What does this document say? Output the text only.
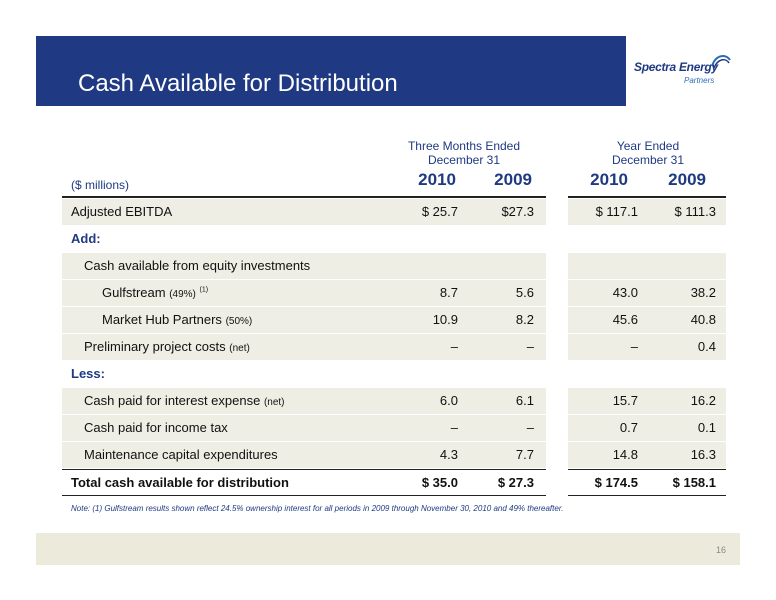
Cash Available for Distribution
Spectra Energy
Partners
Three Months Ended
December 31
Year Ended
December 31
($ millions)	2010	2009	2010	2009
Adjusted EBITDA	$ 25.7	$27.3	$ 117.1	$ 111.3
Add:
Cash available from equity investments
Gulfstream (49%) $^{(1)}$	8.7	5.6	43.0	38.2
Market Hub Partners (50%)	10.9	8.2	45.6	40.8
Preliminary project costs (net)	–	–	–	0.4
Less:
Cash paid for interest expense (net)	6.0	6.1	15.7	16.2
Cash paid for income tax	–	–	0.7	0.1
Maintenance capital expenditures	4.3	7.7	14.8	16.3
Total cash available for distribution	$ 35.0	$ 27.3	$ 174.5	$ 158.1
Note: (1) Gulfstream results shown reflect 24.5% ownership interest for all periods in 2009 through November 30, 2010 and 49% thereafter.
16
